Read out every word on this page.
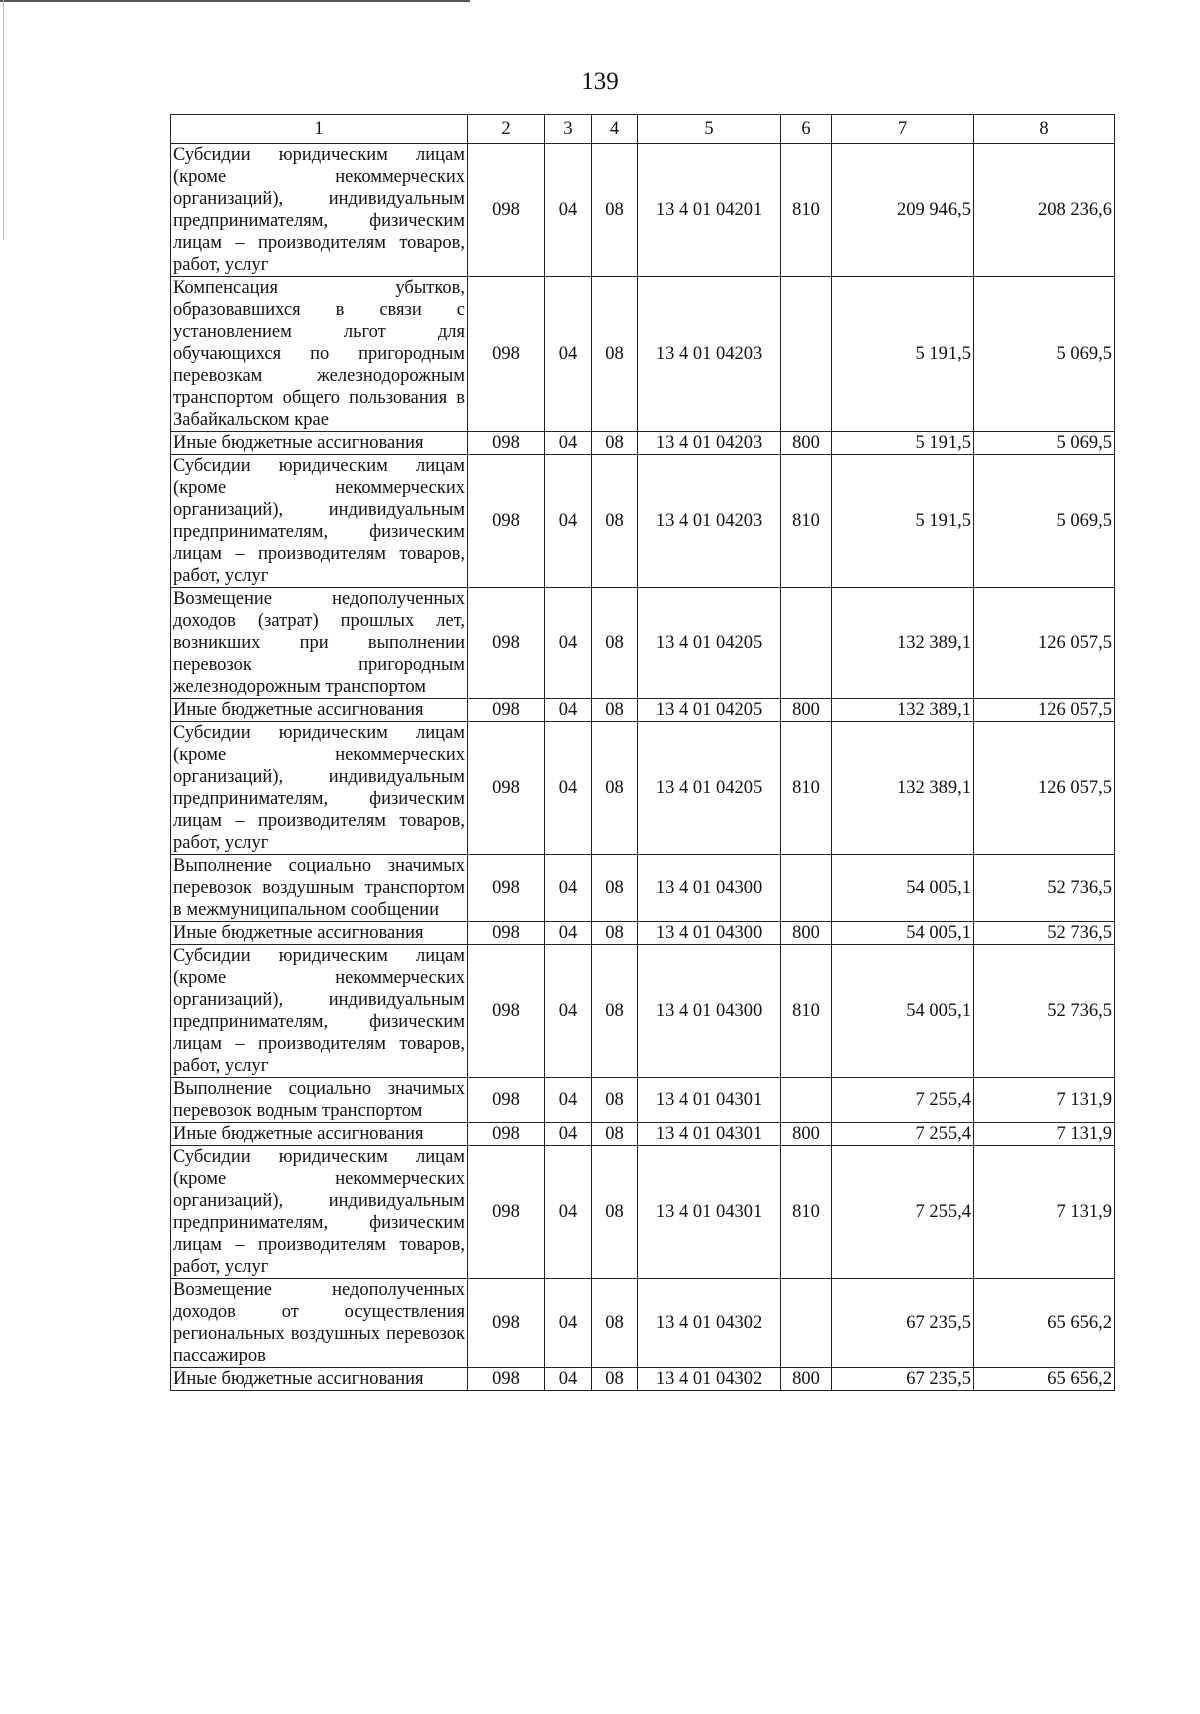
139
1	2	3	4	5	6	7	8
Субсидии юридическим лицам (кроме некоммерческих организаций), индивидуальным предпринимателям, физическим лицам – производителям товаров, работ, услуг	098	04	08	13 4 01 04201	810	209 946,5	208 236,6
Компенсация убытков, образовавшихся в связи с установлением льгот для обучающихся по пригородным перевозкам железнодорожным транспортом общего пользования в Забайкальском крае	098	04	08	13 4 01 04203		5 191,5	5 069,5
Иные бюджетные ассигнования	098	04	08	13 4 01 04203	800	5 191,5	5 069,5
Субсидии юридическим лицам (кроме некоммерческих организаций), индивидуальным предпринимателям, физическим лицам – производителям товаров, работ, услуг	098	04	08	13 4 01 04203	810	5 191,5	5 069,5
Возмещение недополученных доходов (затрат) прошлых лет, возникших при выполнении перевозок пригородным железнодорожным транспортом	098	04	08	13 4 01 04205		132 389,1	126 057,5
Иные бюджетные ассигнования	098	04	08	13 4 01 04205	800	132 389,1	126 057,5
Субсидии юридическим лицам (кроме некоммерческих организаций), индивидуальным предпринимателям, физическим лицам – производителям товаров, работ, услуг	098	04	08	13 4 01 04205	810	132 389,1	126 057,5
Выполнение социально значимых перевозок воздушным транспортом в межмуниципальном сообщении	098	04	08	13 4 01 04300		54 005,1	52 736,5
Иные бюджетные ассигнования	098	04	08	13 4 01 04300	800	54 005,1	52 736,5
Субсидии юридическим лицам (кроме некоммерческих организаций), индивидуальным предпринимателям, физическим лицам – производителям товаров, работ, услуг	098	04	08	13 4 01 04300	810	54 005,1	52 736,5
Выполнение социально значимых перевозок водным транспортом	098	04	08	13 4 01 04301		7 255,4	7 131,9
Иные бюджетные ассигнования	098	04	08	13 4 01 04301	800	7 255,4	7 131,9
Субсидии юридическим лицам (кроме некоммерческих организаций), индивидуальным предпринимателям, физическим лицам – производителям товаров, работ, услуг	098	04	08	13 4 01 04301	810	7 255,4	7 131,9
Возмещение недополученных доходов от осуществления региональных воздушных перевозок пассажиров	098	04	08	13 4 01 04302		67 235,5	65 656,2
Иные бюджетные ассигнования	098	04	08	13 4 01 04302	800	67 235,5	65 656,2
